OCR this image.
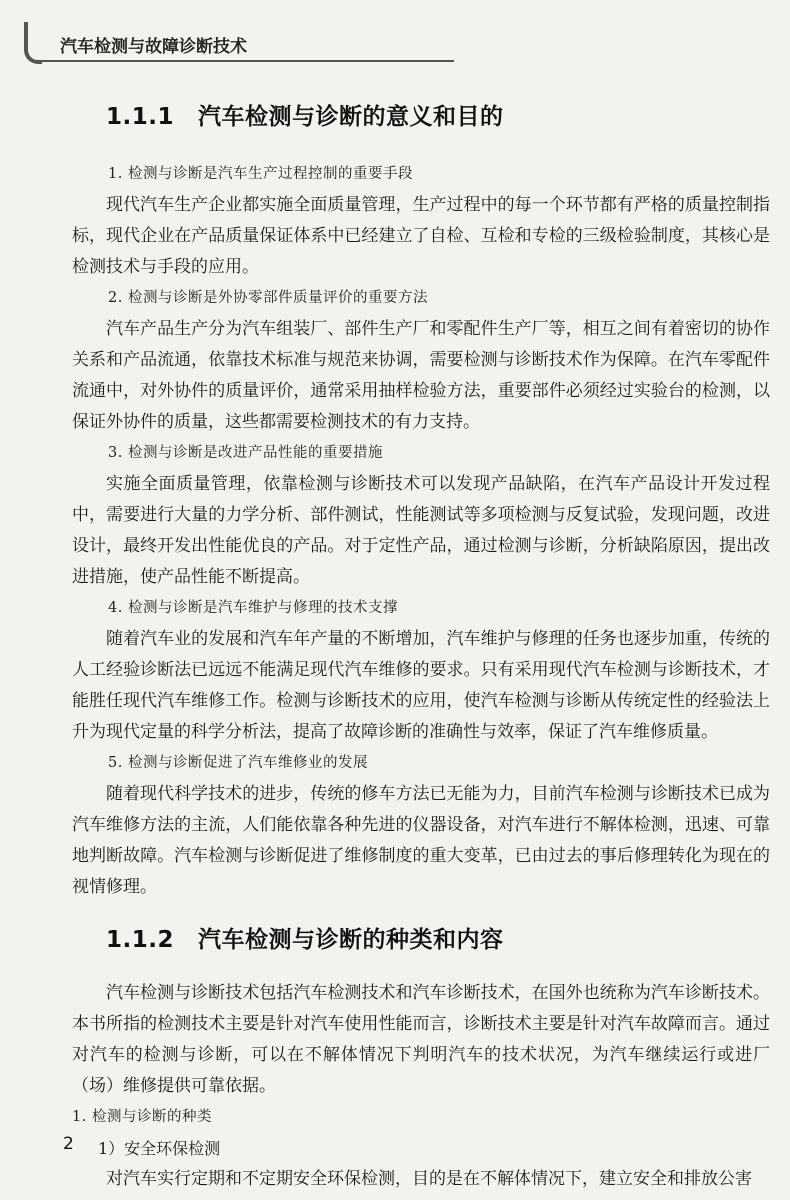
汽车检测与故障诊断技术
1.1.1 汽车检测与诊断的意义和目的

1. 检测与诊断是汽车生产过程控制的重要手段

现代汽车生产企业都实施全面质量管理，生产过程中的每一个环节都有严格的质量控制指标，现代企业在产品质量保证体系中已经建立了自检、互检和专检的三级检验制度，其核心是检测技术与手段的应用。

2. 检测与诊断是外协零部件质量评价的重要方法

汽车产品生产分为汽车组装厂、部件生产厂和零配件生产厂等，相互之间有着密切的协作关系和产品流通，依靠技术标准与规范来协调，需要检测与诊断技术作为保障。在汽车零配件流通中，对外协件的质量评价，通常采用抽样检验方法，重要部件必须经过实验台的检测，以保证外协件的质量，这些都需要检测技术的有力支持。

3. 检测与诊断是改进产品性能的重要措施

实施全面质量管理，依靠检测与诊断技术可以发现产品缺陷，在汽车产品设计开发过程中，需要进行大量的力学分析、部件测试，性能测试等多项检测与反复试验，发现问题，改进设计，最终开发出性能优良的产品。对于定性产品，通过检测与诊断，分析缺陷原因，提出改进措施，使产品性能不断提高。

4. 检测与诊断是汽车维护与修理的技术支撑

随着汽车业的发展和汽车年产量的不断增加，汽车维护与修理的任务也逐步加重，传统的人工经验诊断法已远远不能满足现代汽车维修的要求。只有采用现代汽车检测与诊断技术，才能胜任现代汽车维修工作。检测与诊断技术的应用，使汽车检测与诊断从传统定性的经验法上升为现代定量的科学分析法，提高了故障诊断的准确性与效率，保证了汽车维修质量。

5. 检测与诊断促进了汽车维修业的发展

随着现代科学技术的进步，传统的修车方法已无能为力，目前汽车检测与诊断技术已成为汽车维修方法的主流，人们能依靠各种先进的仪器设备，对汽车进行不解体检测，迅速、可靠地判断故障。汽车检测与诊断促进了维修制度的重大变革，已由过去的事后修理转化为现在的视情修理。

1.1.2 汽车检测与诊断的种类和内容

汽车检测与诊断技术包括汽车检测技术和汽车诊断技术，在国外也统称为汽车诊断技术。本书所指的检测技术主要是针对汽车使用性能而言，诊断技术主要是针对汽车故障而言。通过对汽车的检测与诊断，可以在不解体情况下判明汽车的技术状况，为汽车继续运行或进厂（场）维修提供可靠依据。

1. 检测与诊断的种类

1）安全环保检测

对汽车实行定期和不定期安全环保检测，目的是在不解体情况下，建立安全和排放公害

2
